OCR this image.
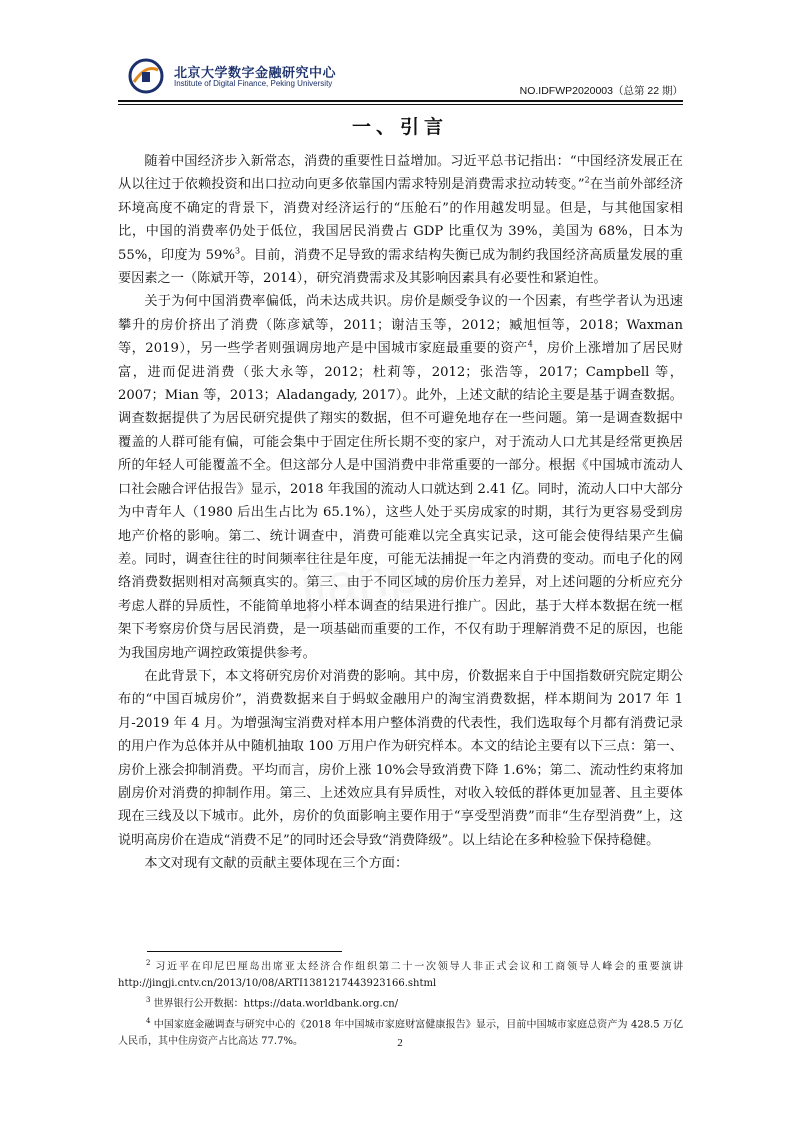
北京大学数字金融研究中心
Institute of Digital Finance, Peking University
NO.IDFWP2020003（总第 22 期）
一、引言

随着中国经济步入新常态，消费的重要性日益增加。习近平总书记指出：“中国经济发展正在从以往过于依赖投资和出口拉动向更多依靠国内需求特别是消费需求拉动转变。”$^2$在当前外部经济环境高度不确定的背景下，消费对经济运行的“压舱石”的作用越发明显。但是，与其他国家相比，中国的消费率仍处于低位，我国居民消费占 GDP 比重仅为 39%，美国为 68%，日本为 55%，印度为 59%$^3$。目前，消费不足导致的需求结构失衡已成为制约我国经济高质量发展的重要因素之一（陈斌开等，2014），研究消费需求及其影响因素具有必要性和紧迫性。

关于为何中国消费率偏低，尚未达成共识。房价是颇受争议的一个因素，有些学者认为迅速攀升的房价挤出了消费（陈彦斌等，2011；谢洁玉等，2012；臧旭恒等，2018；Waxman 等，2019），另一些学者则强调房地产是中国城市家庭最重要的资产$^4$，房价上涨增加了居民财富，进而促进消费（张大永等，2012；杜莉等，2012；张浩等，2017；Campbell 等，2007；Mian 等，2013；Aladangady, 2017）。此外，上述文献的结论主要是基于调查数据。调查数据提供了为居民研究提供了翔实的数据，但不可避免地存在一些问题。第一是调查数据中覆盖的人群可能有偏，可能会集中于固定住所长期不变的家户，对于流动人口尤其是经常更换居所的年轻人可能覆盖不全。但这部分人是中国消费中非常重要的一部分。根据《中国城市流动人口社会融合评估报告》显示，2018 年我国的流动人口就达到 2.41 亿。同时，流动人口中大部分为中青年人（1980 后出生占比为 65.1%），这些人处于买房成家的时期，其行为更容易受到房地产价格的影响。第二、统计调查中，消费可能难以完全真实记录，这可能会使得结果产生偏差。同时，调查往往的时间频率往往是年度，可能无法捕捉一年之内消费的变动。而电子化的网络消费数据则相对高频真实的。第三、由于不同区域的房价压力差异，对上述问题的分析应充分考虑人群的异质性，不能简单地将小样本调查的结果进行推广。因此，基于大样本数据在统一框架下考察房价贷与居民消费，是一项基础而重要的工作，不仅有助于理解消费不足的原因，也能为我国房地产调控政策提供参考。

在此背景下，本文将研究房价对消费的影响。其中房，价数据来自于中国指数研究院定期公布的“中国百城房价”，消费数据来自于蚂蚁金融用户的淘宝消费数据，样本期间为 2017 年 1 月-2019 年 4 月。为增强淘宝消费对样本用户整体消费的代表性，我们选取每个月都有消费记录的用户作为总体并从中随机抽取 100 万用户作为研究样本。本文的结论主要有以下三点：第一、房价上涨会抑制消费。平均而言，房价上涨 10%会导致消费下降 1.6%；第二、流动性约束将加剧房价对消费的抑制作用。第三、上述效应具有异质性，对收入较低的群体更加显著、且主要体现在三线及以下城市。此外，房价的负面影响主要作用于“享受型消费”而非“生存型消费”上，这说明高房价在造成“消费不足”的同时还会导致“消费降级”。以上结论在多种检验下保持稳健。

本文对现有文献的贡献主要体现在三个方面：

$^2$ 习近平在印尼巴厘岛出席亚太经济合作组织第二十一次领导人非正式会议和工商领导人峰会的重要演讲 http://jingji.cntv.cn/2013/10/08/ARTI1381217443923166.shtml

$^3$ 世界银行公开数据：https://data.worldbank.org.cn/

$^4$ 中国家庭金融调查与研究中心的《2018 年中国城市家庭财富健康报告》显示，目前中国城市家庭总资产为 428.5 万亿人民币，其中住房资产占比高达 77.7%。	2
